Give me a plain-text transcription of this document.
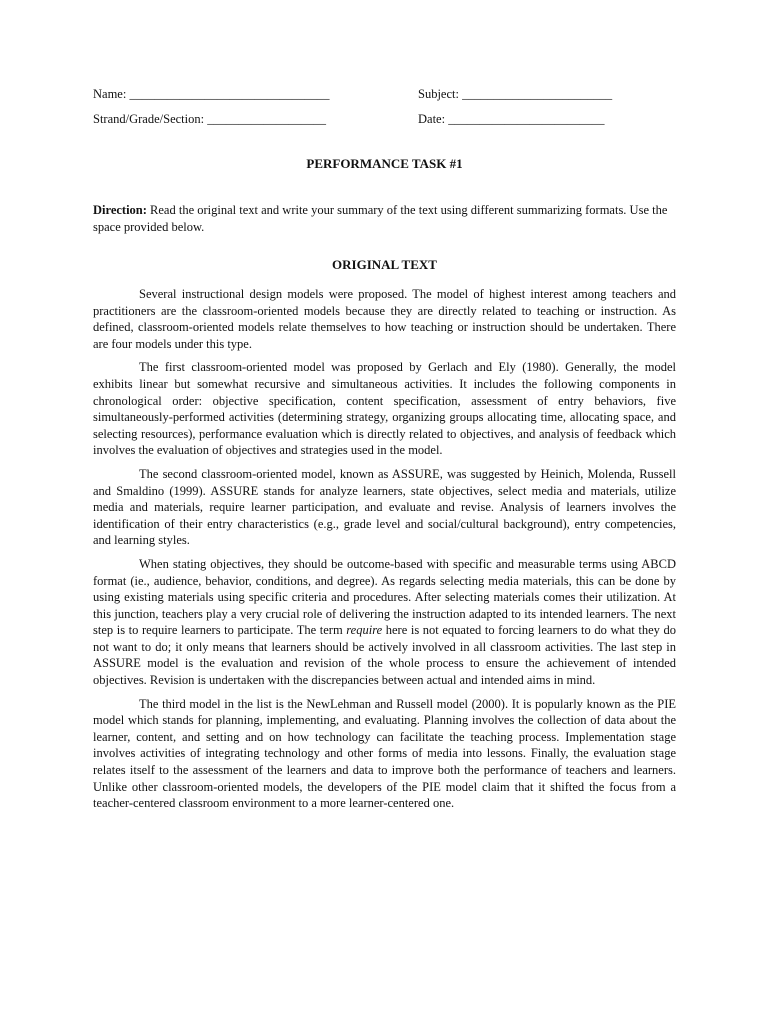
Name: ________________________________	Subject: ________________________
Strand/Grade/Section: ___________________	Date: _________________________
PERFORMANCE TASK #1
Direction: Read the original text and write your summary of the text using different summarizing formats. Use the space provided below.
ORIGINAL TEXT

Several instructional design models were proposed. The model of highest interest among teachers and practitioners are the classroom-oriented models because they are directly related to teaching or instruction. As defined, classroom-oriented models relate themselves to how teaching or instruction should be undertaken. There are four models under this type.

The first classroom-oriented model was proposed by Gerlach and Ely (1980). Generally, the model exhibits linear but somewhat recursive and simultaneous activities. It includes the following components in chronological order: objective specification, content specification, assessment of entry behaviors, five simultaneously-performed activities (determining strategy, organizing groups allocating time, allocating space, and selecting resources), performance evaluation which is directly related to objectives, and analysis of feedback which involves the evaluation of objectives and strategies used in the model.

The second classroom-oriented model, known as ASSURE, was suggested by Heinich, Molenda, Russell and Smaldino (1999). ASSURE stands for analyze learners, state objectives, select media and materials, utilize media and materials, require learner participation, and evaluate and revise. Analysis of learners involves the identification of their entry characteristics (e.g., grade level and social/cultural background), entry competencies, and learning styles.

When stating objectives, they should be outcome-based with specific and measurable terms using ABCD format (ie., audience, behavior, conditions, and degree). As regards selecting media materials, this can be done by using existing materials using specific criteria and procedures. After selecting materials comes their utilization. At this junction, teachers play a very crucial role of delivering the instruction adapted to its intended learners. The next step is to require learners to participate. The term require here is not equated to forcing learners to do what they do not want to do; it only means that learners should be actively involved in all classroom activities. The last step in ASSURE model is the evaluation and revision of the whole process to ensure the achievement of intended objectives. Revision is undertaken with the discrepancies between actual and intended aims in mind.

The third model in the list is the NewLehman and Russell model (2000). It is popularly known as the PIE model which stands for planning, implementing, and evaluating. Planning involves the collection of data about the learner, content, and setting and on how technology can facilitate the teaching process. Implementation stage involves activities of integrating technology and other forms of media into lessons. Finally, the evaluation stage relates itself to the assessment of the learners and data to improve both the performance of teachers and learners. Unlike other classroom-oriented models, the developers of the PIE model claim that it shifted the focus from a teacher-centered classroom environment to a more learner-centered one.
